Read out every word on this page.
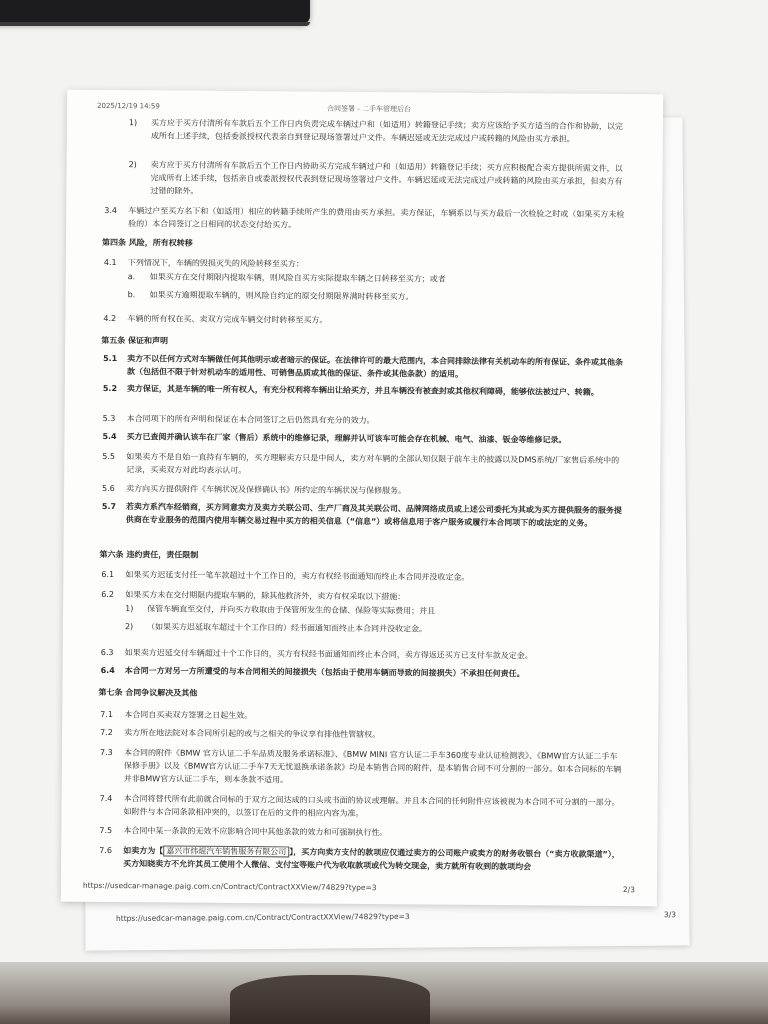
https://usedcar-manage.paig.com.cn/Contract/ContractXXView/74829?type=3	3/3
2025/12/19 14:59	合同签署 - 二手车管理后台
1) 买方应于买方付清所有车款后五个工作日内负责完成车辆过户和（如适用）转籍登记手续；卖方应该给予买方适当的合作和协助，以完成所有上述手续，包括委派授权代表亲自到登记现场签署过户文件。车辆迟延或无法完成过户或转籍的风险由买方承担。
2) 卖方应于买方付清所有车款后五个工作日内协助买方完成车辆过户和（如适用）转籍登记手续；买方应积极配合卖方提供所需文件，以完成所有上述手续，包括亲自或委派授权代表到登记现场签署过户文件。车辆迟延或无法完成过户或转籍的风险由买方承担，但卖方有过错的除外。
3.4 车辆过户至买方名下和（如适用）相应的转籍手续所产生的费用由买方承担。卖方保证，车辆系以与买方最后一次检验之时或（如果买方未检验的）本合同签订之日相同的状态交付给买方。
第四条 风险，所有权转移
4.1 下列情况下，车辆的毁损灭失的风险转移至买方：
a. 如果买方在交付期限内提取车辆，则风险自买方实际提取车辆之日转移至买方；或者
b. 如果买方逾期提取车辆的，则风险自约定的原交付期限界满时转移至买方。
4.2 车辆的所有权在买、卖双方完成车辆交付时转移至买方。
第五条 保证和声明
5.1 卖方不以任何方式对车辆做任何其他明示或者暗示的保证。在法律许可的最大范围内，本合同排除法律有关机动车的所有保证、条件或其他条款（包括但不限于针对机动车的适用性、可销售品质或其他的保证、条件或其他条款）的适用。
5.2 卖方保证，其是车辆的唯一所有权人，有充分权利将车辆出让给买方，并且车辆没有被查封或其他权利障碍，能够依法被过户、转籍。
5.3 本合同项下的所有声明和保证在本合同签订之后仍然具有充分的效力。
5.4 买方已查阅并确认该车在厂家（售后）系统中的维修记录，理解并认可该车可能会存在机械、电气、油漆、钣金等维修记录。
5.5 如果卖方不是自始一直持有车辆的，买方理解卖方只是中间人，卖方对车辆的全部认知仅限于前车主的披露以及DMS系统/厂家售后系统中的记录，买卖双方对此均表示认可。
5.6 卖方向买方提供附件《车辆状况及保修确认书》所约定的车辆状况与保修服务。
5.7 若卖方系汽车经销商，买方同意卖方及卖方关联公司、生产厂商及其关联公司、品牌网络成员或上述公司委托为其或为买方提供服务的服务提供商在专业服务的范围内使用车辆交易过程中买方的相关信息（“信息”）或将信息用于客户服务或履行本合同项下的或法定的义务。
第六条 违约责任，责任限制
6.1 如果买方迟延支付任一笔车款超过十个工作日的，卖方有权经书面通知而终止本合同并没收定金。
6.2 如果买方未在交付期限内提取车辆的，除其他救济外，卖方有权采取以下措施：
1) 保管车辆直至交付，并向买方收取由于保管所发生的仓储、保险等实际费用；并且
2) （如果买方迟延取车超过十个工作日的）经书面通知而终止本合同并没收定金。
6.3 如果卖方迟延交付车辆超过十个工作日的，买方有权经书面通知而终止本合同，卖方得返还买方已支付车款及定金。
6.4 本合同一方对另一方所遭受的与本合同相关的间接损失（包括由于使用车辆而导致的间接损失）不承担任何责任。
第七条 合同争议解决及其他
7.1 本合同自买卖双方签署之日起生效。
7.2 卖方所在地法院对本合同所引起的或与之相关的争议享有排他性管辖权。
7.3 本合同的附件《BMW 官方认证二手车品质及服务承诺标准》、《BMW MINI 官方认证二手车360度专业认证检测表》、《BMW官方认证二手车保修手册》以及《BMW官方认证二手车7天无忧退换承诺条款》均是本销售合同的附件，是本销售合同不可分割的一部分。如本合同标的车辆并非BMW官方认证二手车，则本条款不适用。
7.4 本合同将替代所有此前就合同标的于双方之间达成的口头或书面的协议或理解。并且本合同的任何附件应该被视为本合同不可分割的一部分。如附件与本合同条款相冲突的，以签订在后的文件的相应内容为准。
7.5 本合同中某一条款的无效不应影响合同中其他条款的效力和可强制执行性。
7.6 如卖方为【 嘉兴市炜焜汽车销售服务有限公司 】，买方向卖方支付的款项应仅通过卖方的公司账户或卖方的财务收银台（“卖方收款渠道”），买方知晓卖方不允许其员工使用个人微信、支付宝等账户代为收取款项或代为转交现金，卖方就所有收到的款项均会
https://usedcar-manage.paig.com.cn/Contract/ContractXXView/74829?type=3	2/3
